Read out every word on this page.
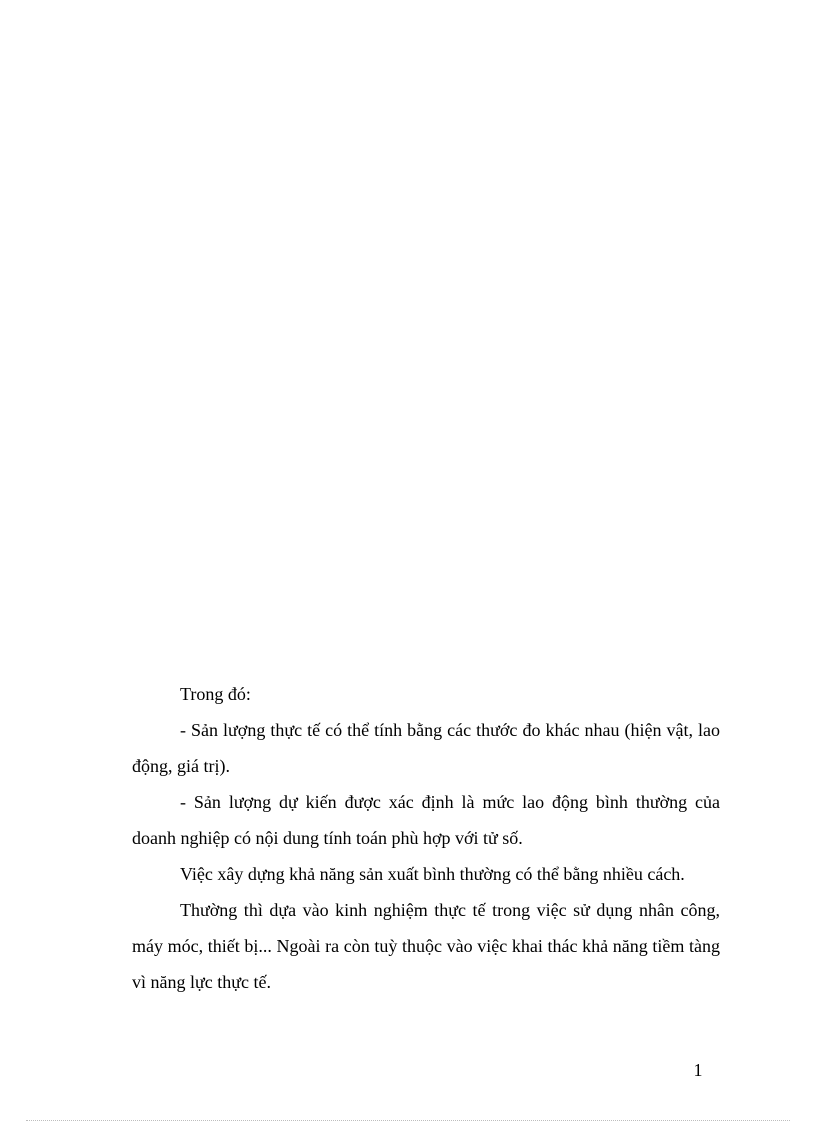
Trong đó:

- Sản lượng thực tế có thể tính bằng các thước đo khác nhau (hiện vật, lao động, giá trị).

- Sản lượng dự kiến được xác định là mức lao động bình thường của doanh nghiệp có nội dung tính toán phù hợp với tử số.

Việc xây dựng khả năng sản xuất bình thường có thể bằng nhiều cách.

Thường thì dựa vào kinh nghiệm thực tế trong việc sử dụng nhân công, máy móc, thiết bị... Ngoài ra còn tuỳ thuộc vào việc khai thác khả năng tiềm tàng vì năng lực thực tế.

1
